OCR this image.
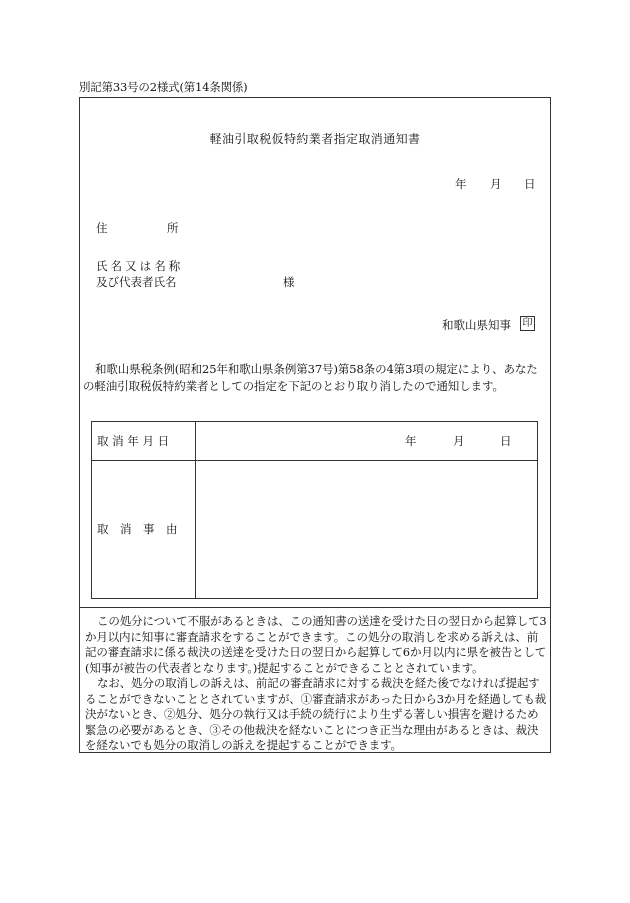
別記第33号の2様式(第14条関係)
軽油引取税仮特約業者指定取消通知書
年 月 日
住	所
氏 名 又 は 名 称
及び代表者氏名	様
和歌山県知事 印
和歌山県税条例(昭和25年和歌山県条例第37号)第58条の4第3項の規定により、あなたの軽油引取税仮特約業者としての指定を下記のとおり取り消したので通知します。
取 消 年 月 日	年	月	日
取　消　事　由

この処分について不服があるときは、この通知書の送達を受けた日の翌日から起算して3か月以内に知事に審査請求をすることができます。この処分の取消しを求める訴えは、前記の審査請求に係る裁決の送達を受けた日の翌日から起算して6か月以内に県を被告として(知事が被告の代表者となります。)提起することができることとされています。

なお、処分の取消しの訴えは、前記の審査請求に対する裁決を経た後でなければ提起することができないこととされていますが、①審査請求があった日から3か月を経過しても裁決がないとき、②処分、処分の執行又は手続の続行により生ずる著しい損害を避けるため緊急の必要があるとき、③その他裁決を経ないことにつき正当な理由があるときは、裁決を経ないでも処分の取消しの訴えを提起することができます。
